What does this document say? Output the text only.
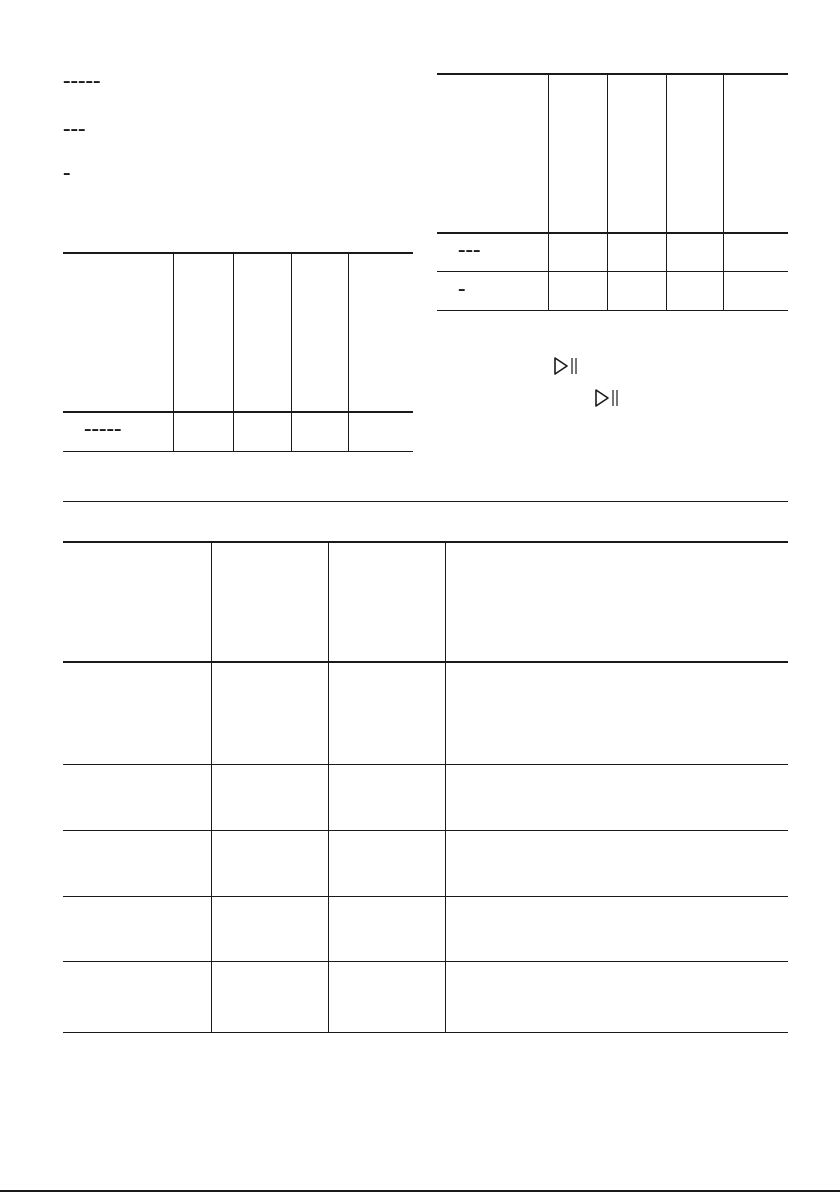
–––––
–––
–
–––––
–––
–
